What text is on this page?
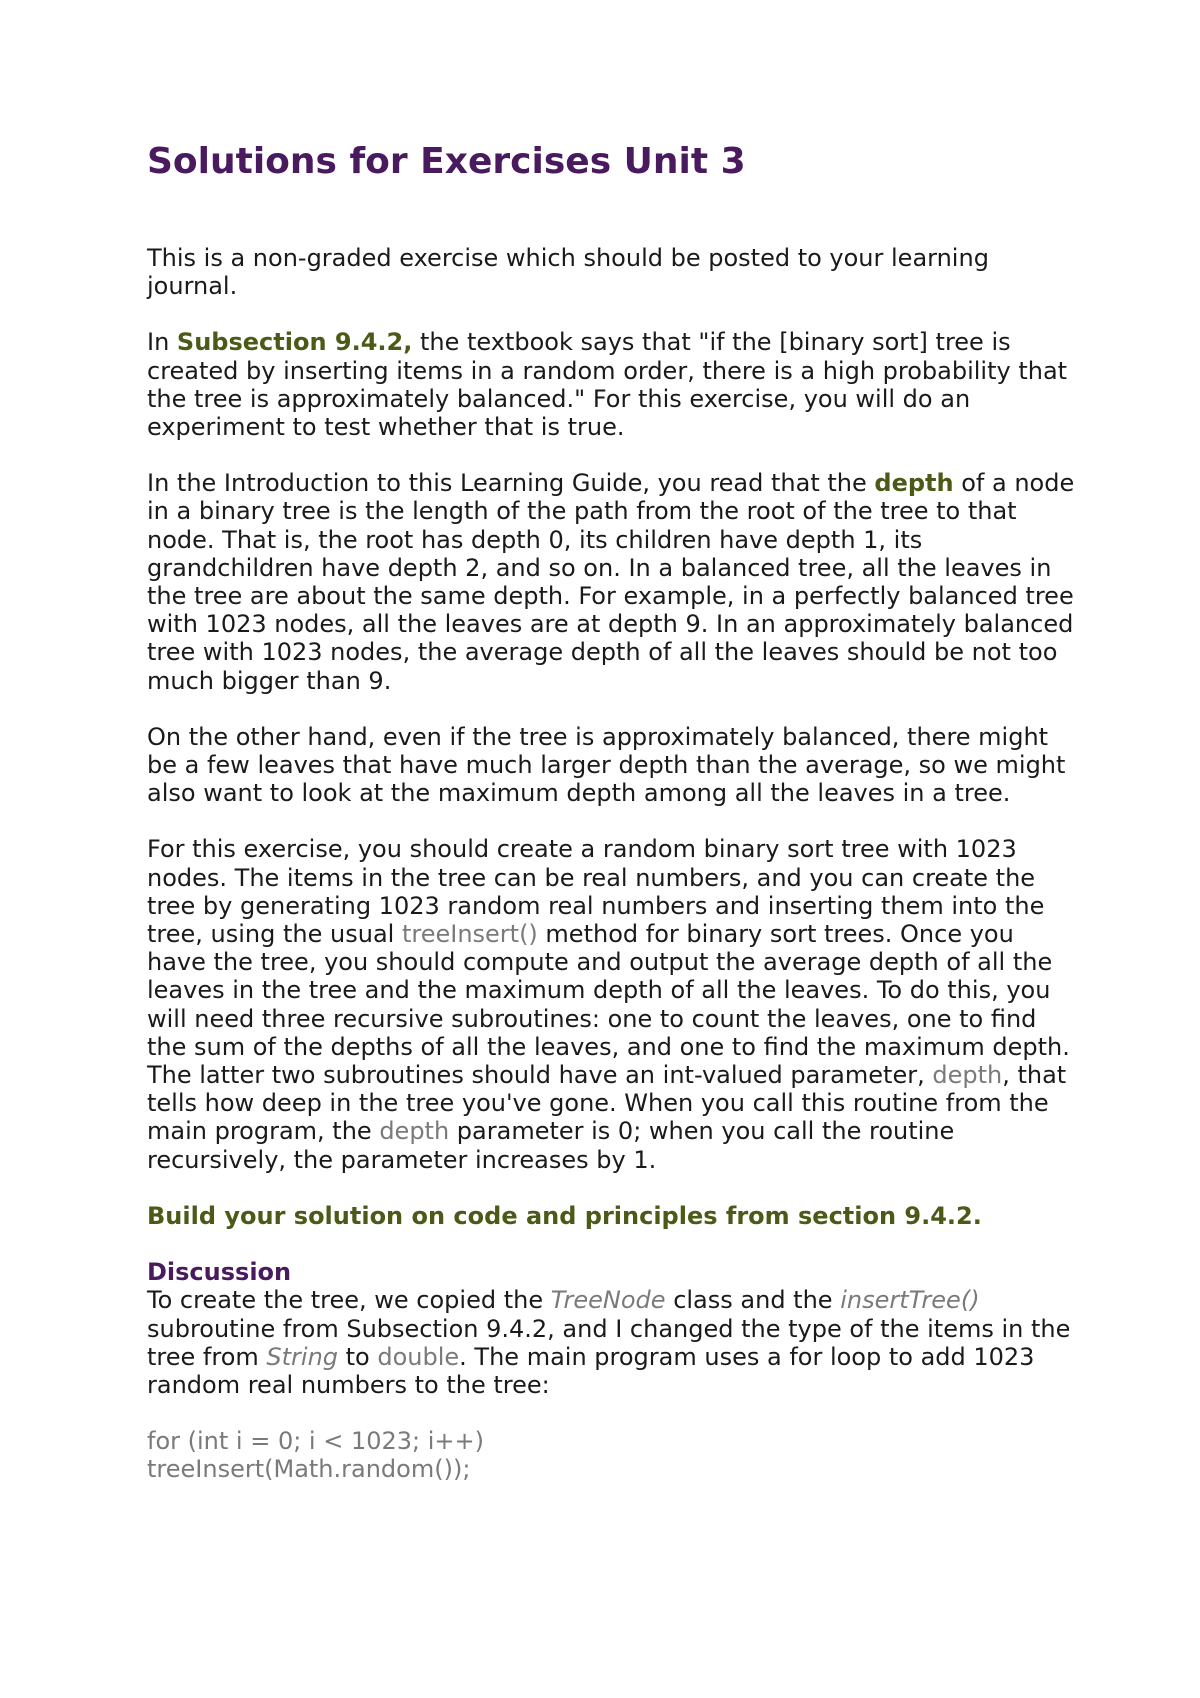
Solutions for Exercises Unit 3

This is a non-graded exercise which should be posted to your learning journal.

In Subsection 9.4.2, the textbook says that "if the [binary sort] tree is created by inserting items in a random order, there is a high probability that the tree is approximately balanced." For this exercise, you will do an experiment to test whether that is true.

In the Introduction to this Learning Guide, you read that the depth of a node in a binary tree is the length of the path from the root of the tree to that node. That is, the root has depth 0, its children have depth 1, its grandchildren have depth 2, and so on. In a balanced tree, all the leaves in the tree are about the same depth. For example, in a perfectly balanced tree with 1023 nodes, all the leaves are at depth 9. In an approximately balanced tree with 1023 nodes, the average depth of all the leaves should be not too much bigger than 9.

On the other hand, even if the tree is approximately balanced, there might be a few leaves that have much larger depth than the average, so we might also want to look at the maximum depth among all the leaves in a tree.

For this exercise, you should create a random binary sort tree with 1023 nodes. The items in the tree can be real numbers, and you can create the tree by generating 1023 random real numbers and inserting them into the tree, using the usual treeInsert() method for binary sort trees. Once you have the tree, you should compute and output the average depth of all the leaves in the tree and the maximum depth of all the leaves. To do this, you will need three recursive subroutines: one to count the leaves, one to find the sum of the depths of all the leaves, and one to find the maximum depth. The latter two subroutines should have an int-valued parameter, depth, that tells how deep in the tree you've gone. When you call this routine from the main program, the depth parameter is 0; when you call the routine recursively, the parameter increases by 1.

Build your solution on code and principles from section 9.4.2.

Discussion

To create the tree, we copied the TreeNode class and the insertTree() subroutine from Subsection 9.4.2, and I changed the type of the items in the tree from String to double. The main program uses a for loop to add 1023 random real numbers to the tree:

for (int i = 0; i < 1023; i++)

treeInsert(Math.random());
